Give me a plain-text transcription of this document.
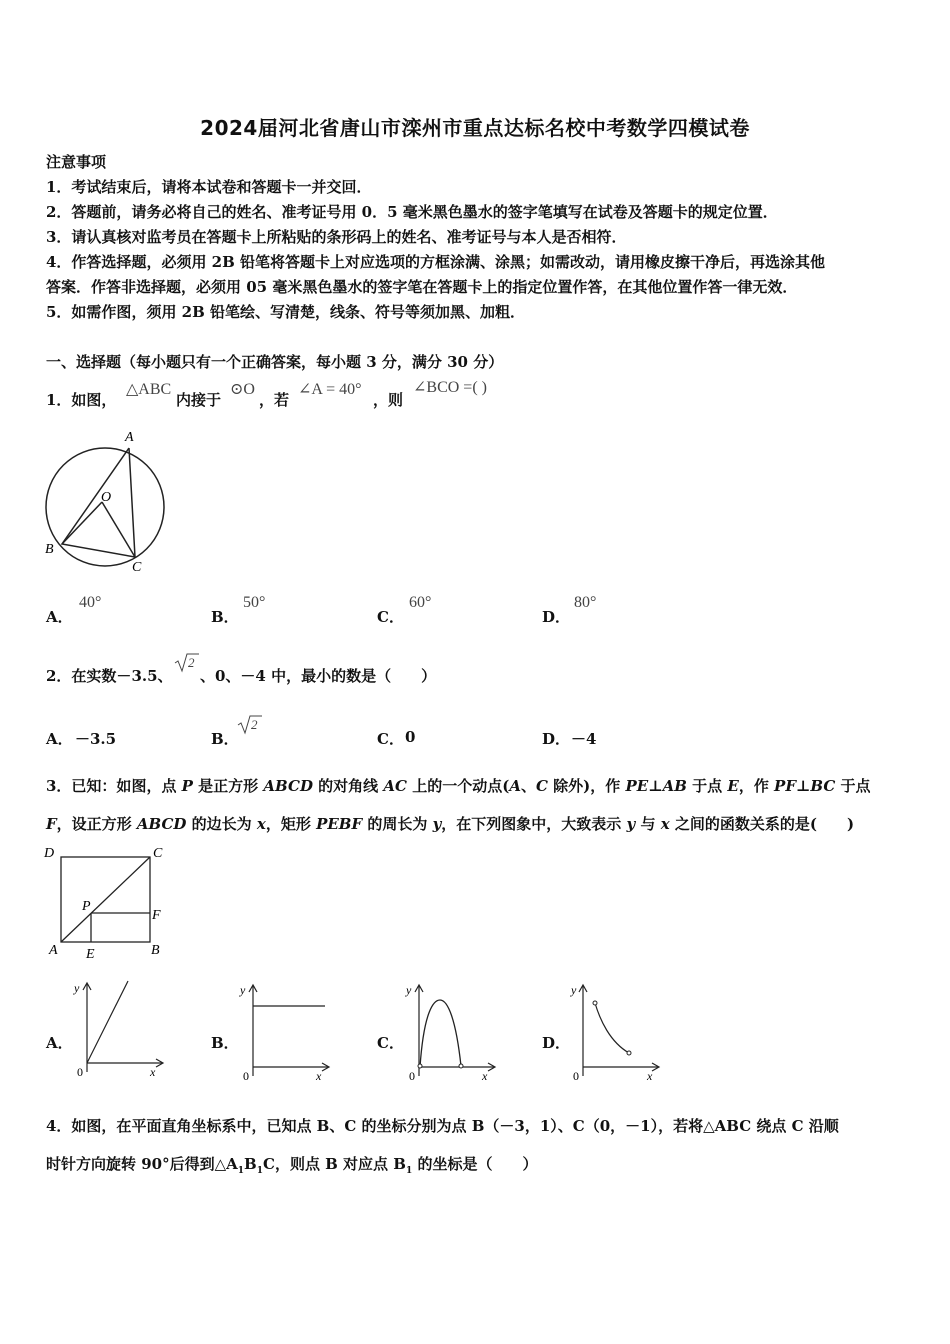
2024届河北省唐山市滦州市重点达标名校中考数学四模试卷
注意事项
1．考试结束后，请将本试卷和答题卡一并交回．
2．答题前，请务必将自己的姓名、准考证号用 0．5 毫米黑色墨水的签字笔填写在试卷及答题卡的规定位置．
3．请认真核对监考员在答题卡上所粘贴的条形码上的姓名、准考证号与本人是否相符．
4．作答选择题，必须用 2B 铅笔将答题卡上对应选项的方框涂满、涂黑；如需改动，请用橡皮擦干净后，再选涂其他
答案．作答非选择题，必须用 05 毫米黑色墨水的签字笔在答题卡上的指定位置作答，在其他位置作答一律无效．
5．如需作图，须用 2B 铅笔绘、写清楚，线条、符号等须加黑、加粗．
一、选择题（每小题只有一个正确答案，每小题 3 分，满分 30 分）
1．如图，
△ABC
内接于
⊙O
，若
∠A = 40°
，则
∠BCO =( )
A
O
B
C
A．
40°
B．
50°
C．
60°
D．
80°
2．在实数－3.5、
2
、0、－4 中，最小的数是（　　）
A． －3.5	B．
2
C． 0	D． －4
3．已知：如图，点 P 是正方形 ABCD 的对角线 AC 上的一个动点(A、C 除外)，作 PE⊥AB 于点 E，作 PF⊥BC 于点
F，设正方形 ABCD 的边长为 x，矩形 PEBF 的周长为 y，在下列图象中，大致表示 y 与 x 之间的函数关系的是(　　)
D	C
P
F
A E	B
A．
y
0	x
B．
y
0	x
C．
y
0	x
D．
y
0	x
4．如图，在平面直角坐标系中，已知点 B、C 的坐标分别为点 B（－3，1）、C（0，－1），若将△ABC 绕点 C 沿顺
时针方向旋转 90°后得到$\triangle A_1B_1C$，则点 B 对应点 $B_1$ 的坐标是（　　）
